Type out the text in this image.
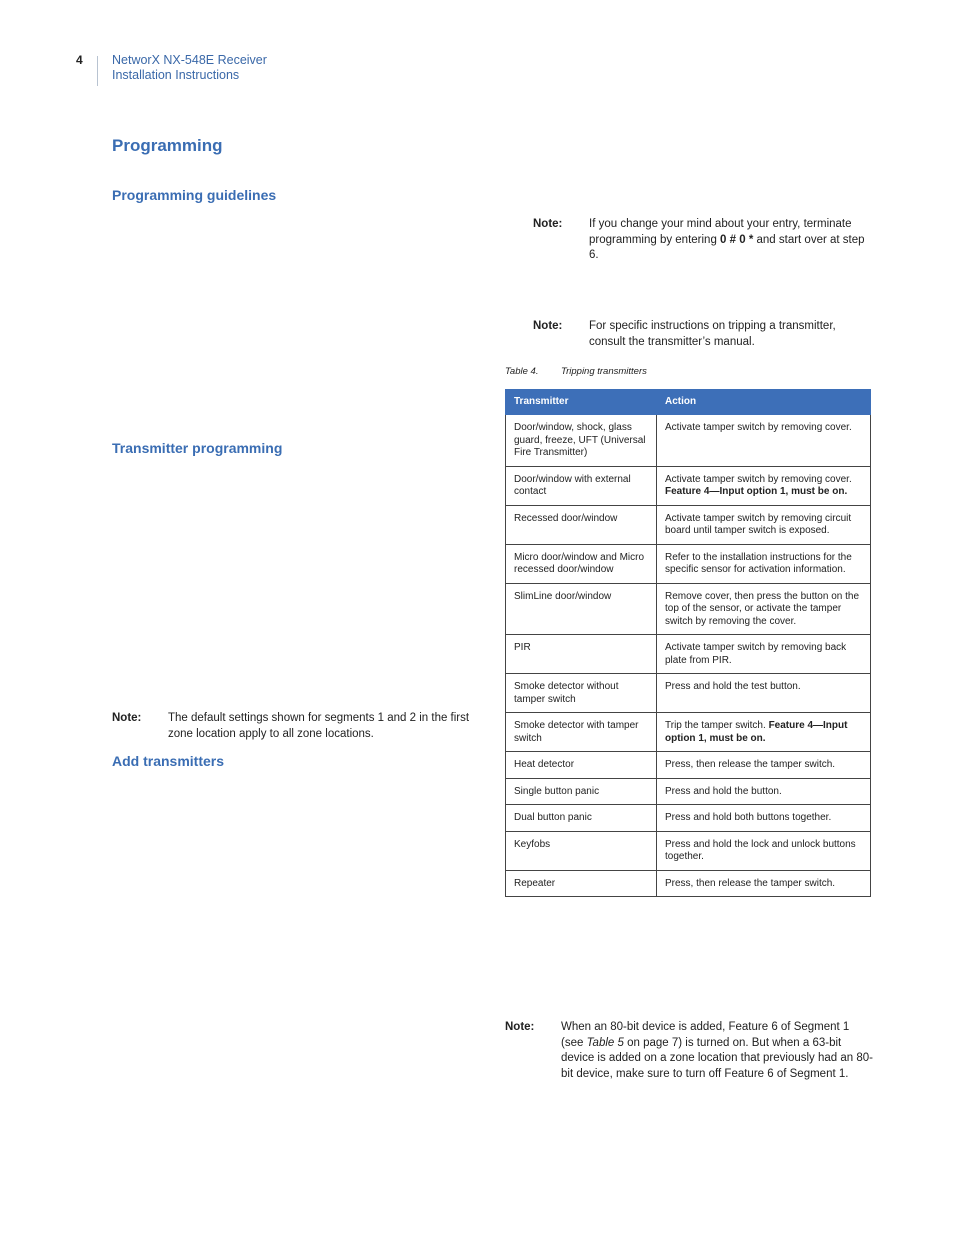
4 NetworX NX-548E Receiver
Installation Instructions
Programming
Programming guidelines
Transmitter programming
Add transmitters
Note: If you change your mind about your entry, terminate programming by entering 0 # 0 * and start over at step 6.
Note: For specific instructions on tripping a transmitter, consult the transmitter’s manual.
Table 4. Tripping transmitters
Transmitter	Action
Door/window, shock, glass guard, freeze, UFT (Universal Fire Transmitter)	Activate tamper switch by removing cover.
Door/window with external contact	Activate tamper switch by removing cover.
Feature 4—Input option 1, must be on.
Recessed door/window	Activate tamper switch by removing circuit board until tamper switch is exposed.
Micro door/window and Micro recessed door/window	Refer to the installation instructions for the specific sensor for activation information.
SlimLine door/window	Remove cover, then press the button on the top of the sensor, or activate the tamper switch by removing the cover.
PIR	Activate tamper switch by removing back plate from PIR.
Smoke detector without tamper switch	Press and hold the test button.
Smoke detector with tamper switch	Trip the tamper switch. Feature 4—Input option 1, must be on.
Heat detector	Press, then release the tamper switch.
Single button panic	Press and hold the button.
Dual button panic	Press and hold both buttons together.
Keyfobs	Press and hold the lock and unlock buttons together.
Repeater	Press, then release the tamper switch.
Note: The default settings shown for segments 1 and 2 in the first zone location apply to all zone locations.
Note: When an 80-bit device is added, Feature 6 of Segment 1 (see Table 5 on page 7) is turned on. But when a 63-bit device is added on a zone location that previously had an 80-bit device, make sure to turn off Feature 6 of Segment 1.
